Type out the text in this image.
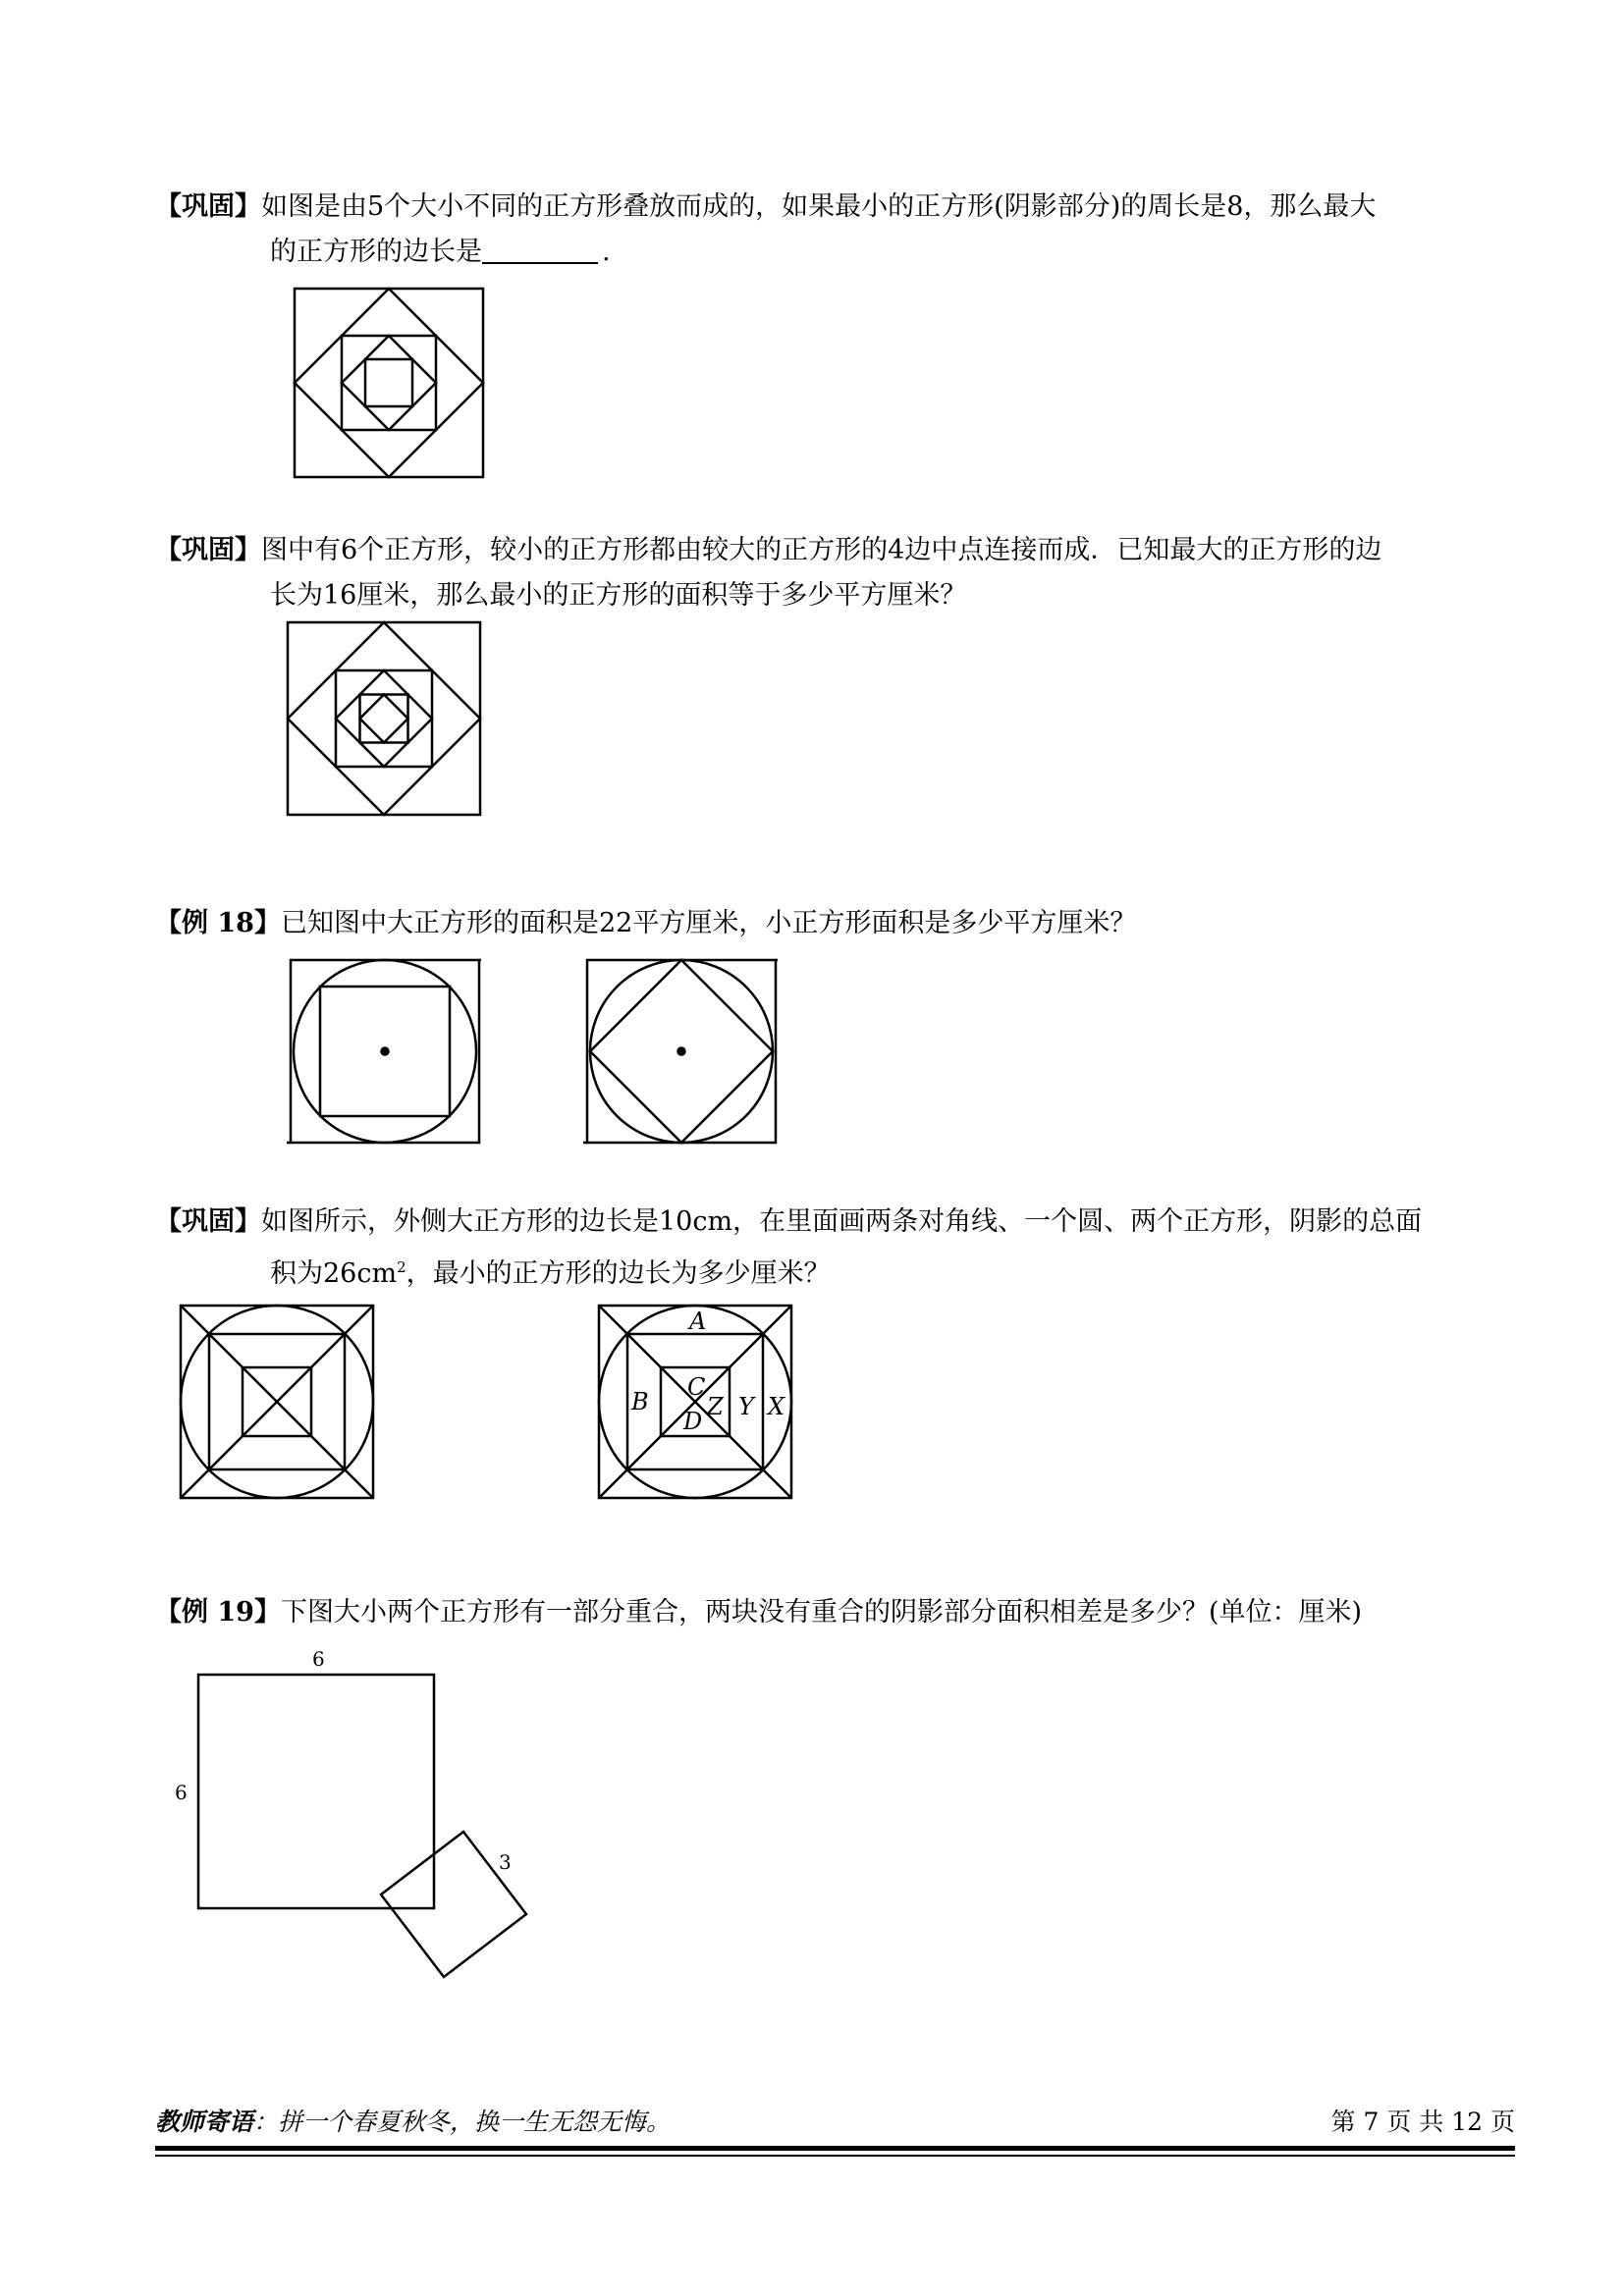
【巩固】如图是由5个大小不同的正方形叠放而成的，如果最小的正方形(阴影部分)的周长是8，那么最大
的正方形的边长是	.
【巩固】图中有6个正方形，较小的正方形都由较大的正方形的4边中点连接而成．已知最大的正方形的边
长为16厘米，那么最小的正方形的面积等于多少平方厘米？
【例 18】已知图中大正方形的面积是22平方厘米，小正方形面积是多少平方厘米？
【巩固】如图所示，外侧大正方形的边长是10cm，在里面画两条对角线、一个圆、两个正方形，阴影的总面
积为$26cm^2$，最小的正方形的边长为多少厘米？
A
B
C
D
Z Y X
【例 19】下图大小两个正方形有一部分重合，两块没有重合的阴影部分面积相差是多少？(单位：厘米)
6
6
3
教师寄语：拼一个春夏秋冬，换一生无怨无悔。	第 7 页 共 12 页
